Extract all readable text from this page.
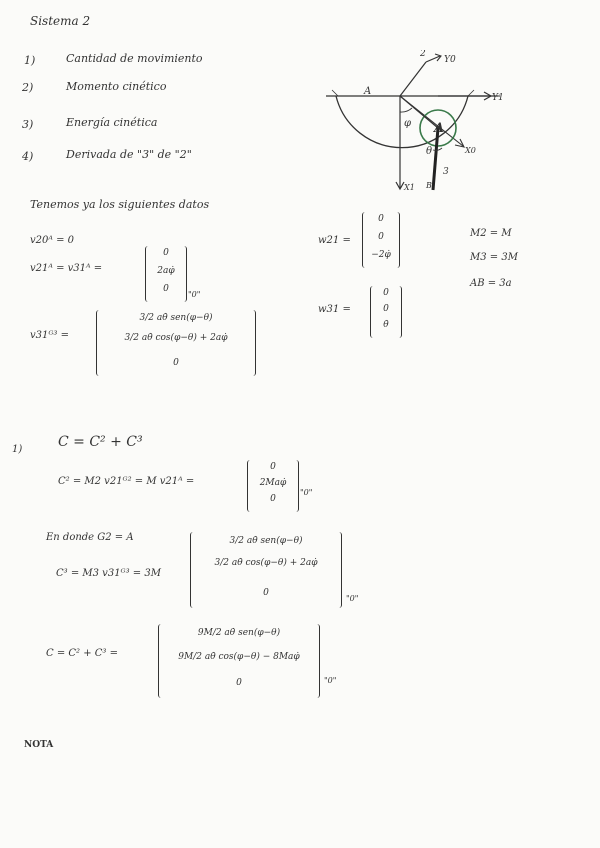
Sistema 2
1)	Cantidad de movimiento
2)	Momento cinético
3)	Energía cinética
4)	Derivada de "3" de "2"
A
A
Y0
Y1
X0
X1
φ
θ
2
3
B
Tenemos ya los siguientes datos
v20ᴬ = 0
v21ᴬ = v31ᴬ =
0
2aφ̇
0
"0"
v31ᴳ³ =
3/2 aθ̇ sen(φ−θ)
3/2 aθ̇ cos(φ−θ) + 2aφ̇
0
w21 =
0
0
−2φ̇
w31 =
0
0
θ̇
M2 = M
M3 = 3M
AB = 3a
1)	C = C² + C³
C² = M2 v21ᴳ² = M v21ᴬ =
0
2Maφ̇
0
"0"
En donde G2 = A
C³ = M3 v31ᴳ³ = 3M
3/2 aθ̇ sen(φ−θ)
3/2 aθ̇ cos(φ−θ) + 2aφ̇
0
"0"
C = C² + C³ =
9M/2 aθ̇ sen(φ−θ)
9M/2 aθ̇ cos(φ−θ) − 8Maφ̇
0	"0"
NOTA
